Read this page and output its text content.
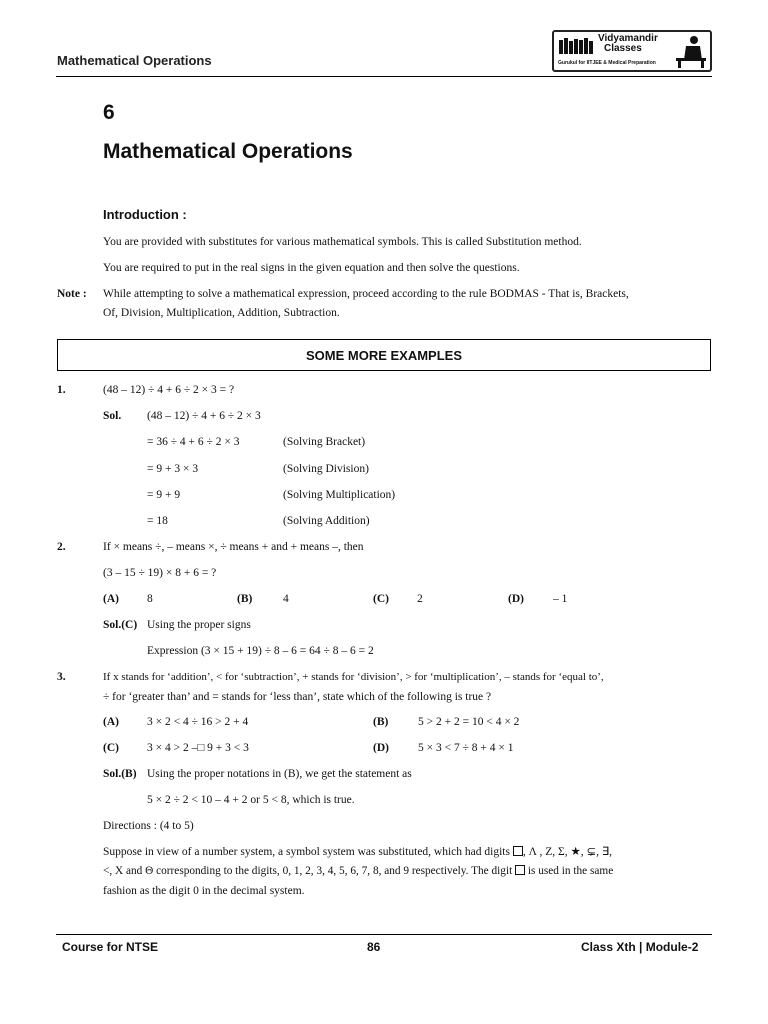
Mathematical Operations
Vidyamandir
Classes
Gurukul for IITJEE & Medical Preparation
6
Mathematical Operations
Introduction :
You are provided with substitutes for various mathematical symbols. This is called Substitution method.
You are required to put in the real signs in the given equation and then solve the questions.
Note : While attempting to solve a mathematical expression, proceed according to the rule BODMAS - That is, Brackets,
Of, Division, Multiplication, Addition, Subtraction.
SOME MORE EXAMPLES
1.	(48 – 12) ÷ 4 + 6 ÷ 2 × 3 = ?
Sol. (48 – 12) ÷ 4 + 6 ÷ 2 × 3
= 36 ÷ 4 + 6 ÷ 2 × 3	(Solving Bracket)
= 9 + 3 × 3	(Solving Division)
= 9 + 9	(Solving Multiplication)
= 18	(Solving Addition)
2.	If × means ÷, – means ×, ÷ means + and + means –, then
(3 – 15 ÷ 19) × 8 + 6 = ?
(A) 8	(B)	4	(C) 2	(D)	– 1
Sol.(C) Using the proper signs
Expression (3 × 15 + 19) ÷ 8 – 6 = 64 ÷ 8 – 6 = 2
3.	If x stands for ‘addition’, < for ‘subtraction’, + stands for ‘division’, > for ‘multiplication’, – stands for ‘equal to’,
÷ for ‘greater than’ and = stands for ‘less than’, state which of the following is true ?
(A) 3 × 2 < 4 ÷ 16 > 2 + 4	(B)	5 > 2 + 2 = 10 < 4 × 2
(C) 3 × 4 > 2 –□ 9 + 3 < 3	(D)	5 × 3 < 7 ÷ 8 + 4 × 1
Sol.(B) Using the proper notations in (B), we get the statement as
5 × 2 ÷ 2 < 10 – 4 + 2 or 5 < 8, which is true.
Directions : (4 to 5)
Suppose in view of a number system, a symbol system was substituted, which had digits , Λ , Z, Σ, ★, ⊊, ∃,
<, X and Θ corresponding to the digits, 0, 1, 2, 3, 4, 5, 6, 7, 8, and 9 respectively. The digit is used in the same
fashion as the digit 0 in the decimal system.
Course for NTSE	86	Class Xth | Module-2
